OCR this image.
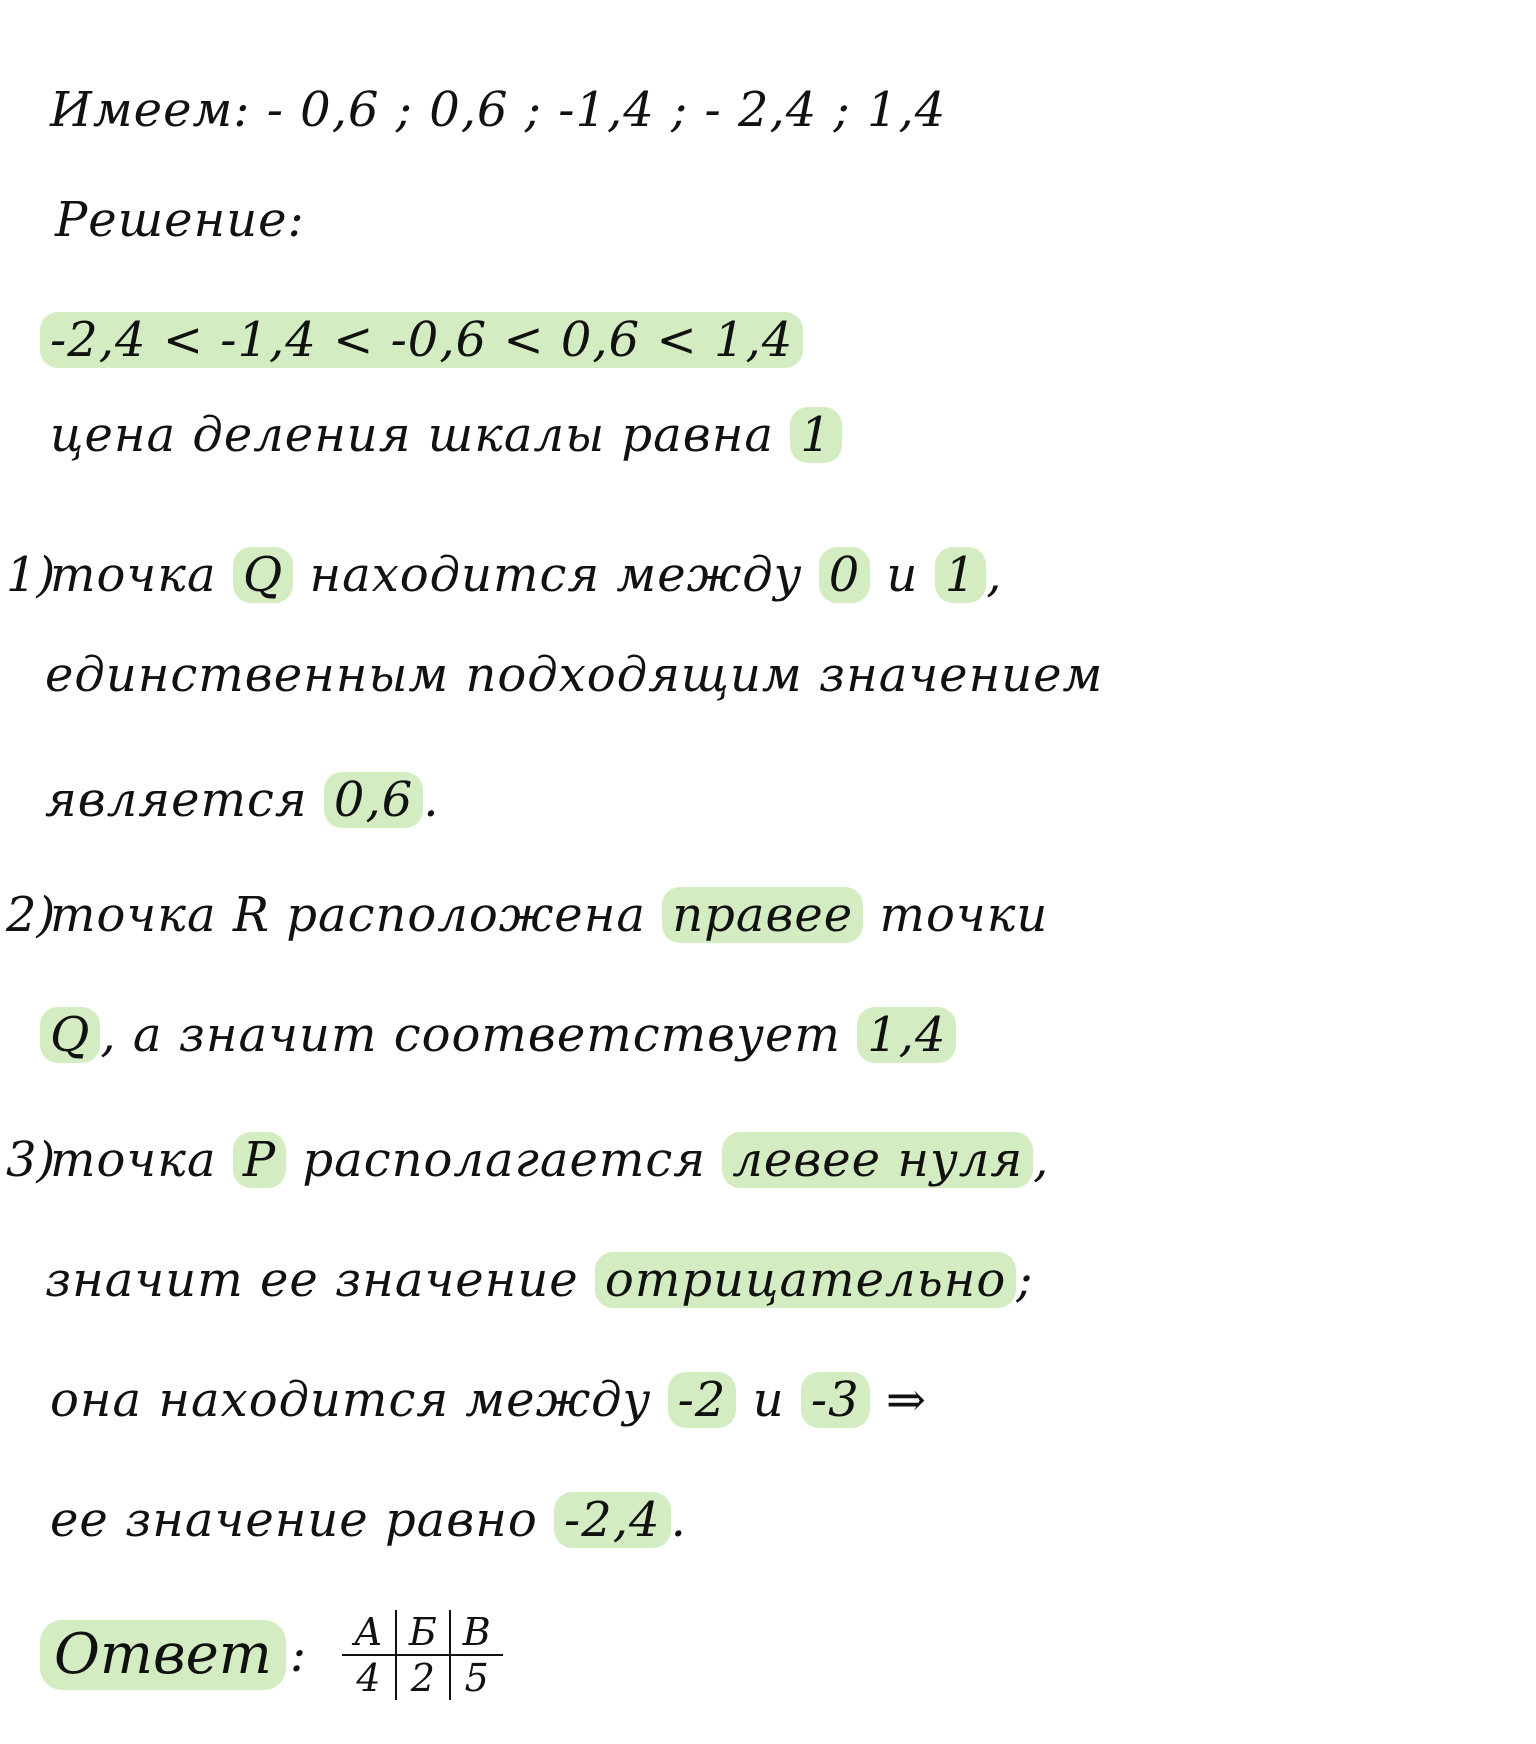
Имеем: - 0,6 ; 0,6 ; -1,4 ; - 2,4 ; 1,4
Решение:
-2,4 < -1,4 < -0,6 < 0,6 < 1,4
цена деления шкалы равна 1
1)
точка Q находится между 0 и 1 ,
единственным подходящим значением
является 0,6 .
2)
точка R расположена правее точки
Q , а значит соответствует 1,4
3)
точка P располагается левее нуля ,
значит ее значение отрицательно ;
она находится между -2 и -3 ⇒
ее значение равно -2,4 .
Ответ : А	Б	В
4	2	5
